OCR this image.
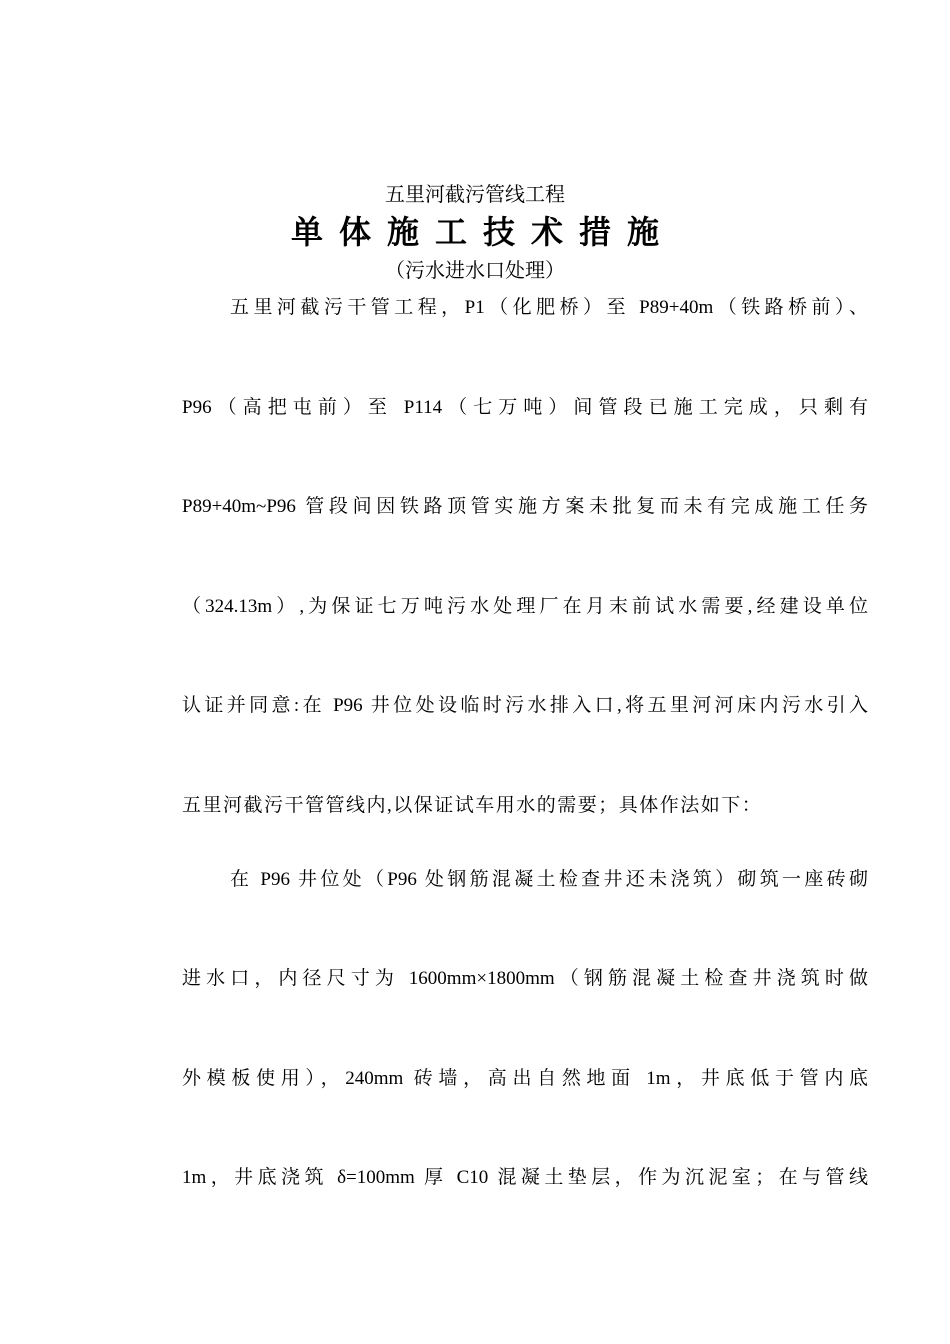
五里河截污管线工程
单体施工技术措施
（污水进水口处理）
五里河截污干管工程，P1（化肥桥）至 P89+40m（铁路桥前）、
P96（高把屯前）至 P114（七万吨）间管段已施工完成，只剩有
P89+40m~P96 管段间因铁路顶管实施方案未批复而未有完成施工任务
（324.13m）,为保证七万吨污水处理厂在月末前试水需要,经建设单位
认证并同意:在 P96 井位处设临时污水排入口,将五里河河床内污水引入
五里河截污干管管线内,以保证试车用水的需要；具体作法如下：
在 P96 井位处（P96 处钢筋混凝土检查井还未浇筑）砌筑一座砖砌
进水口，内径尺寸为 1600mm×1800mm（钢筋混凝土检查井浇筑时做
外模板使用），240mm 砖墙，高出自然地面 1m，井底低于管内底
1m，井底浇筑 δ=100mm 厚 C10 混凝土垫层，作为沉泥室；在与管线
